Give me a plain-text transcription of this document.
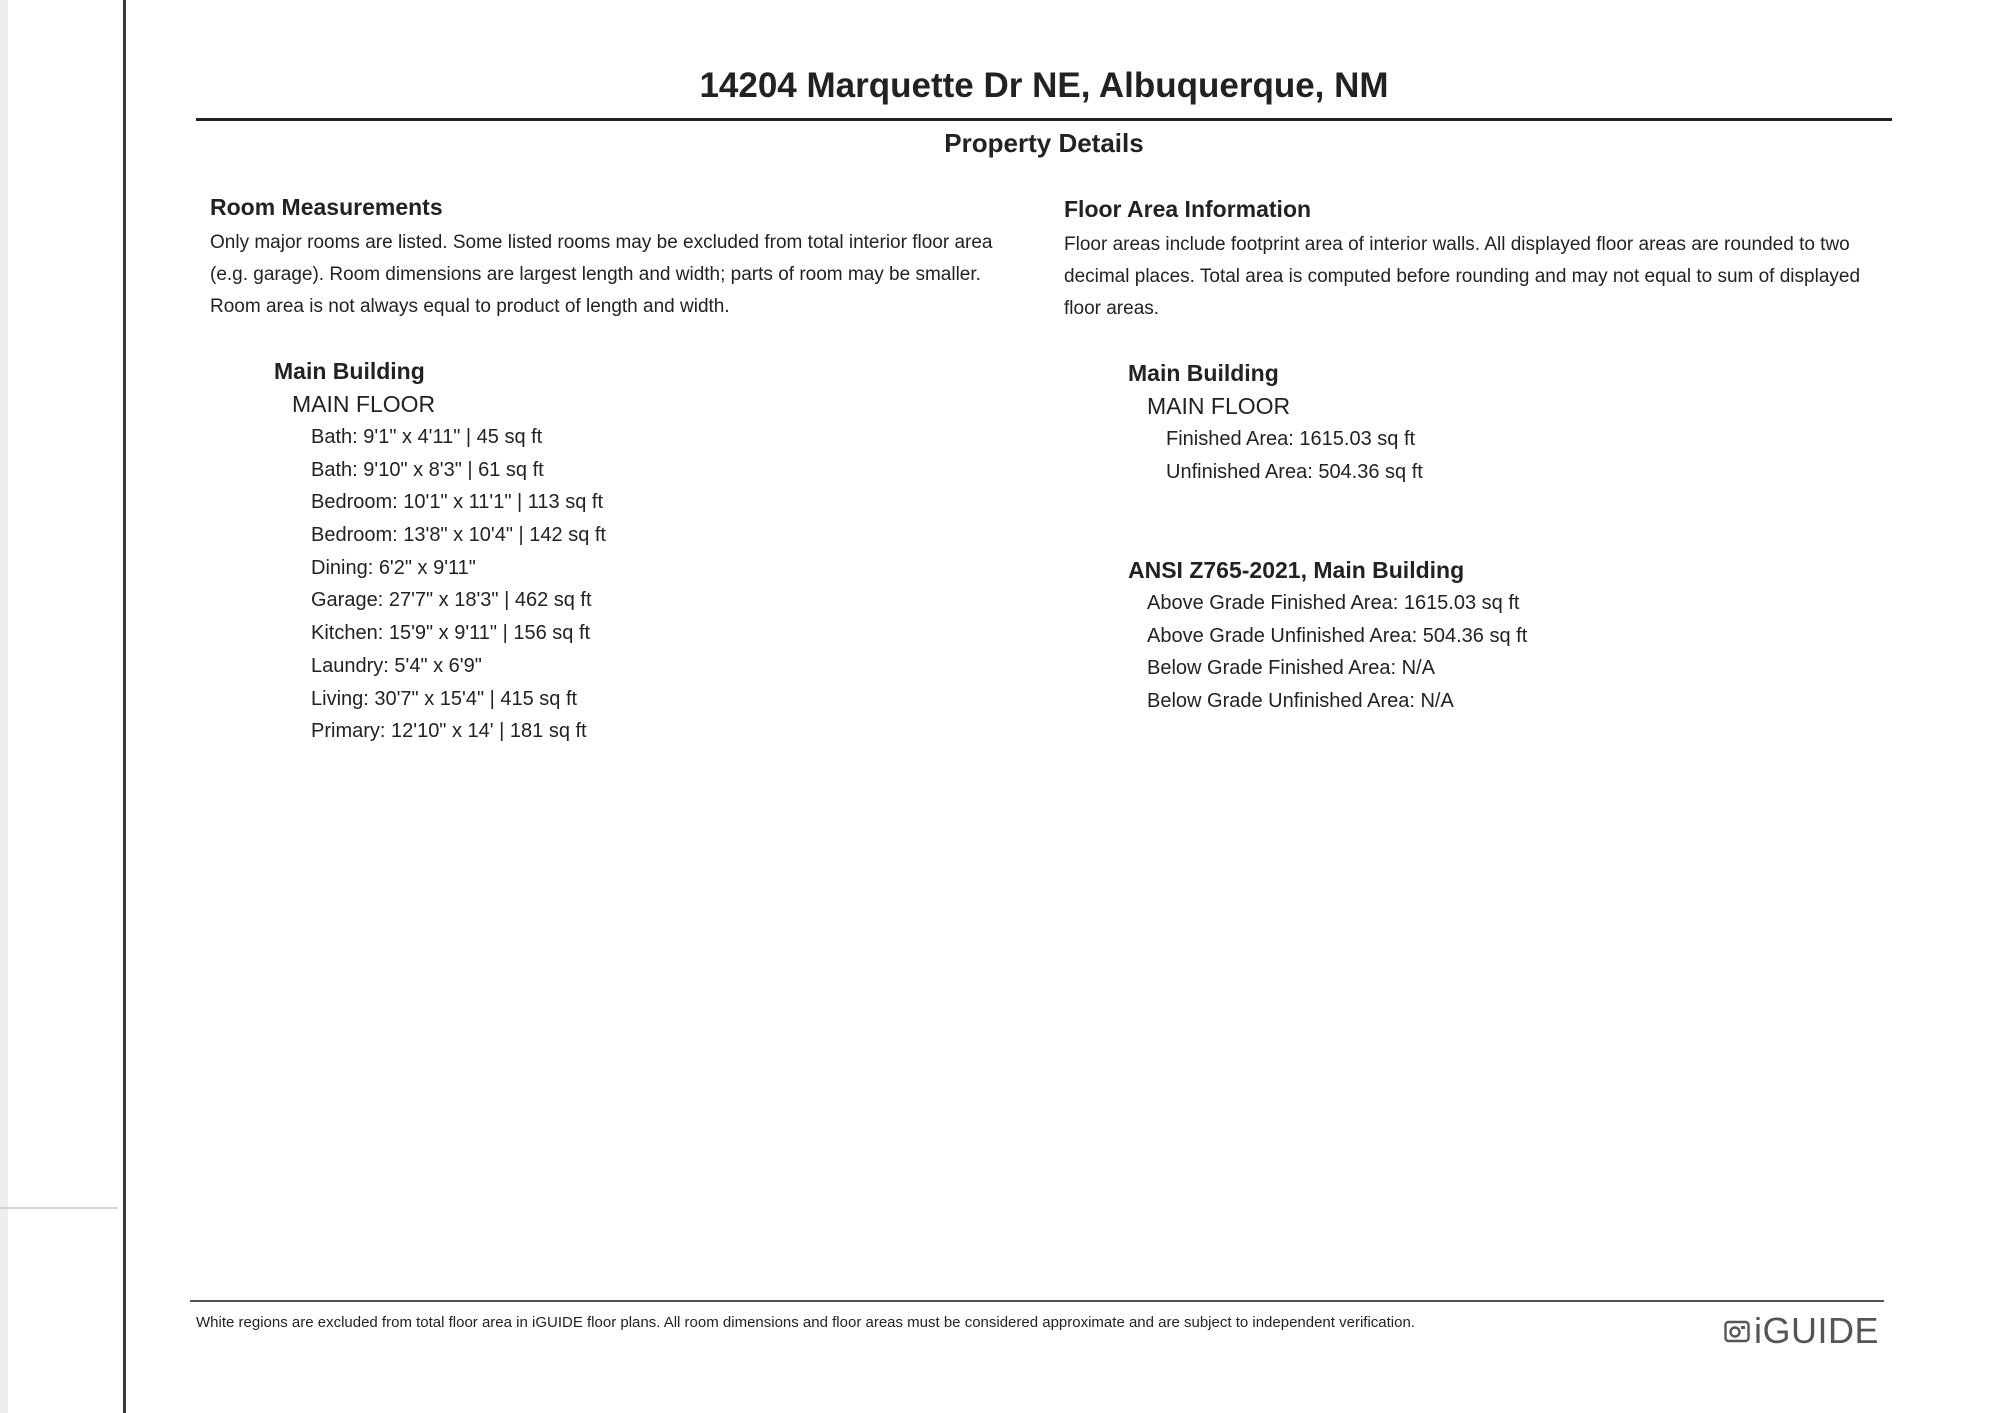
14204 Marquette Dr NE, Albuquerque, NM
Property Details
Room Measurements
Only major rooms are listed. Some listed rooms may be excluded from total interior floor area
(e.g. garage). Room dimensions are largest length and width; parts of room may be smaller.
Room area is not always equal to product of length and width.
Main Building
MAIN FLOOR
Bath: 9'1" x 4'11" | 45 sq ft
Bath: 9'10" x 8'3" | 61 sq ft
Bedroom: 10'1" x 11'1" | 113 sq ft
Bedroom: 13'8" x 10'4" | 142 sq ft
Dining: 6'2" x 9'11"
Garage: 27'7" x 18'3" | 462 sq ft
Kitchen: 15'9" x 9'11" | 156 sq ft
Laundry: 5'4" x 6'9"
Living: 30'7" x 15'4" | 415 sq ft
Primary: 12'10" x 14' | 181 sq ft
Floor Area Information
Floor areas include footprint area of interior walls. All displayed floor areas are rounded to two
decimal places. Total area is computed before rounding and may not equal to sum of displayed
floor areas.
Main Building
MAIN FLOOR
Finished Area: 1615.03 sq ft
Unfinished Area: 504.36 sq ft
ANSI Z765-2021, Main Building
Above Grade Finished Area: 1615.03 sq ft
Above Grade Unfinished Area: 504.36 sq ft
Below Grade Finished Area: N/A
Below Grade Unfinished Area: N/A
White regions are excluded from total floor area in iGUIDE floor plans. All room dimensions and floor areas must be considered approximate and are subject to independent verification.	iGUIDE
